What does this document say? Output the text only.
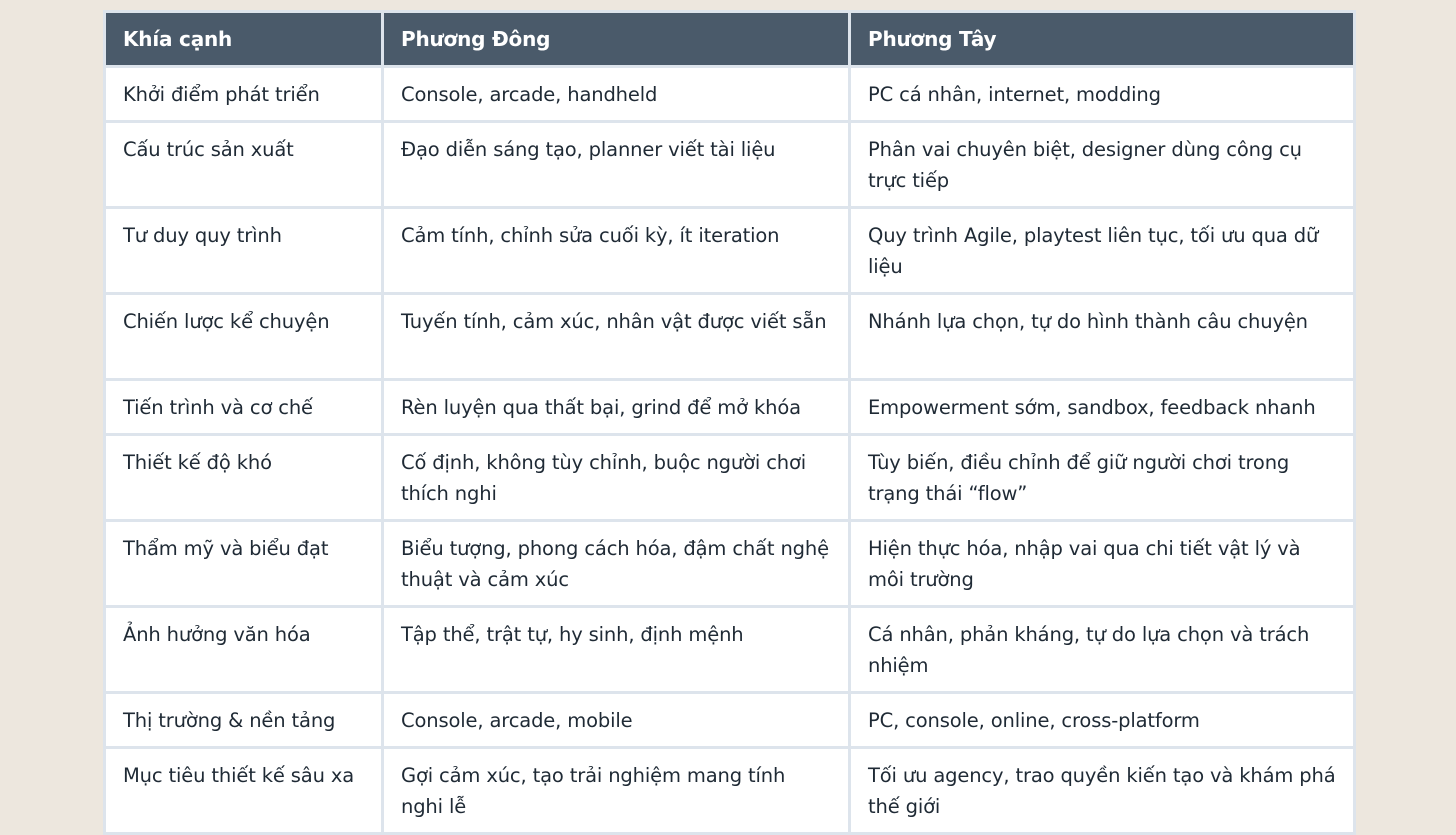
Khía cạnh	Phương Đông	Phương Tây
Khởi điểm phát triển	Console, arcade, handheld	PC cá nhân, internet, modding
Cấu trúc sản xuất	Đạo diễn sáng tạo, planner viết tài liệu	Phân vai chuyên biệt, designer dùng công cụ trực tiếp
Tư duy quy trình	Cảm tính, chỉnh sửa cuối kỳ, ít iteration	Quy trình Agile, playtest liên tục, tối ưu qua dữ liệu
Chiến lược kể chuyện	Tuyến tính, cảm xúc, nhân vật được viết sẵn	Nhánh lựa chọn, tự do hình thành câu chuyện
Tiến trình và cơ chế	Rèn luyện qua thất bại, grind để mở khóa	Empowerment sớm, sandbox, feedback nhanh
Thiết kế độ khó	Cố định, không tùy chỉnh, buộc người chơi thích nghi	Tùy biến, điều chỉnh để giữ người chơi trong trạng thái “flow”
Thẩm mỹ và biểu đạt	Biểu tượng, phong cách hóa, đậm chất nghệ thuật và cảm xúc	Hiện thực hóa, nhập vai qua chi tiết vật lý và môi trường
Ảnh hưởng văn hóa	Tập thể, trật tự, hy sinh, định mệnh	Cá nhân, phản kháng, tự do lựa chọn và trách nhiệm
Thị trường & nền tảng	Console, arcade, mobile	PC, console, online, cross-platform
Mục tiêu thiết kế sâu xa	Gợi cảm xúc, tạo trải nghiệm mang tính nghi lễ	Tối ưu agency, trao quyền kiến tạo và khám phá thế giới
